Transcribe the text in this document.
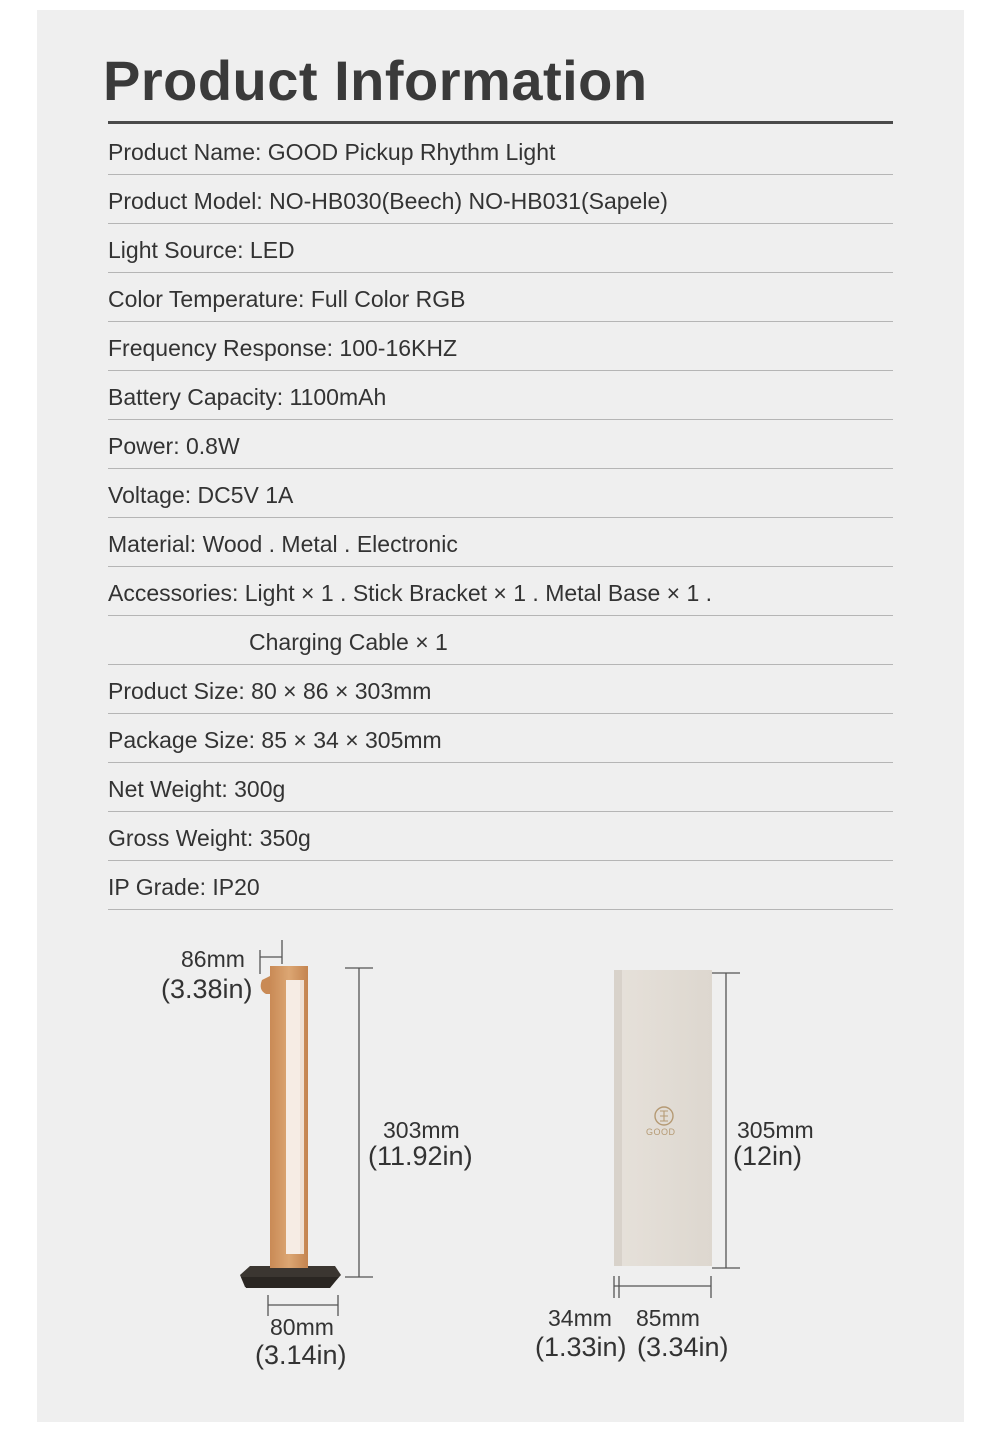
Product Information
Product Name: GOOD Pickup Rhythm Light
Product Model: NO-HB030(Beech) NO-HB031(Sapele)
Light Source: LED
Color Temperature: Full Color RGB
Frequency Response: 100-16KHZ
Battery Capacity: 1100mAh
Power: 0.8W
Voltage: DC5V 1A
Material: Wood . Metal . Electronic
Accessories: Light × 1 . Stick Bracket × 1 . Metal Base × 1 .
Charging Cable × 1
Product Size: 80 × 86 × 303mm
Package Size: 85 × 34 × 305mm
Net Weight: 300g
Gross Weight: 350g
IP Grade: IP20
86mm
(3.38in)
303mm
(11.92in)
80mm
(3.14in)
GOOD	305mm
(12in)
34mm
(1.33in)
85mm
(3.34in)
